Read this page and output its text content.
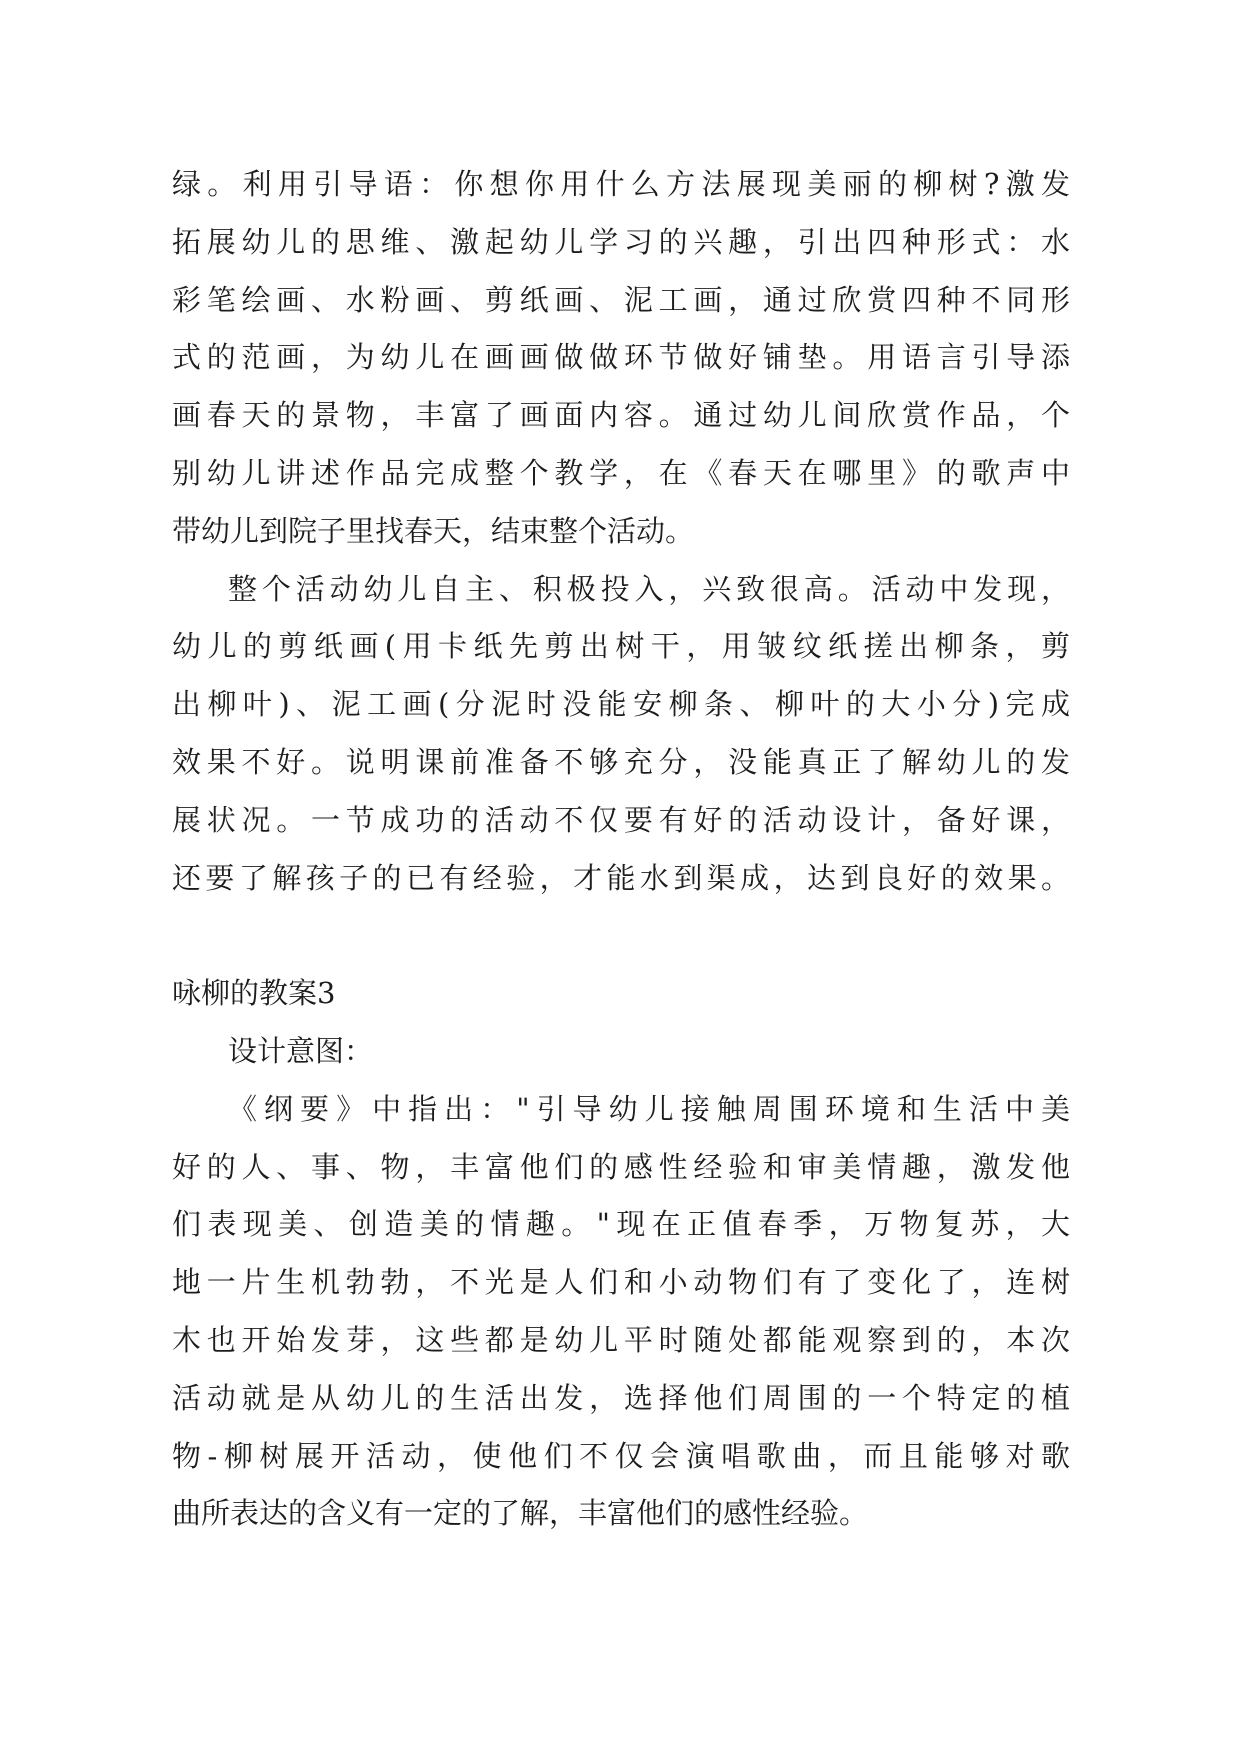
绿。利用引导语：你想你用什么方法展现美丽的柳树?激发
拓展幼儿的思维、激起幼儿学习的兴趣，引出四种形式：水
彩笔绘画、水粉画、剪纸画、泥工画，通过欣赏四种不同形
式的范画，为幼儿在画画做做环节做好铺垫。用语言引导添
画春天的景物，丰富了画面内容。通过幼儿间欣赏作品，个
别幼儿讲述作品完成整个教学，在《春天在哪里》的歌声中
带幼儿到院子里找春天，结束整个活动。
整个活动幼儿自主、积极投入，兴致很高。活动中发现，
幼儿的剪纸画(用卡纸先剪出树干，用皱纹纸搓出柳条，剪
出柳叶)、泥工画(分泥时没能安柳条、柳叶的大小分)完成
效果不好。说明课前准备不够充分，没能真正了解幼儿的发
展状况。一节成功的活动不仅要有好的活动设计，备好课，
还要了解孩子的已有经验，才能水到渠成，达到良好的效果。
咏柳的教案3
设计意图：
《纲要》中指出："引导幼儿接触周围环境和生活中美
好的人、事、物，丰富他们的感性经验和审美情趣，激发他
们表现美、创造美的情趣。"现在正值春季，万物复苏，大
地一片生机勃勃，不光是人们和小动物们有了变化了，连树
木也开始发芽，这些都是幼儿平时随处都能观察到的，本次
活动就是从幼儿的生活出发，选择他们周围的一个特定的植
物-柳树展开活动，使他们不仅会演唱歌曲，而且能够对歌
曲所表达的含义有一定的了解，丰富他们的感性经验。
